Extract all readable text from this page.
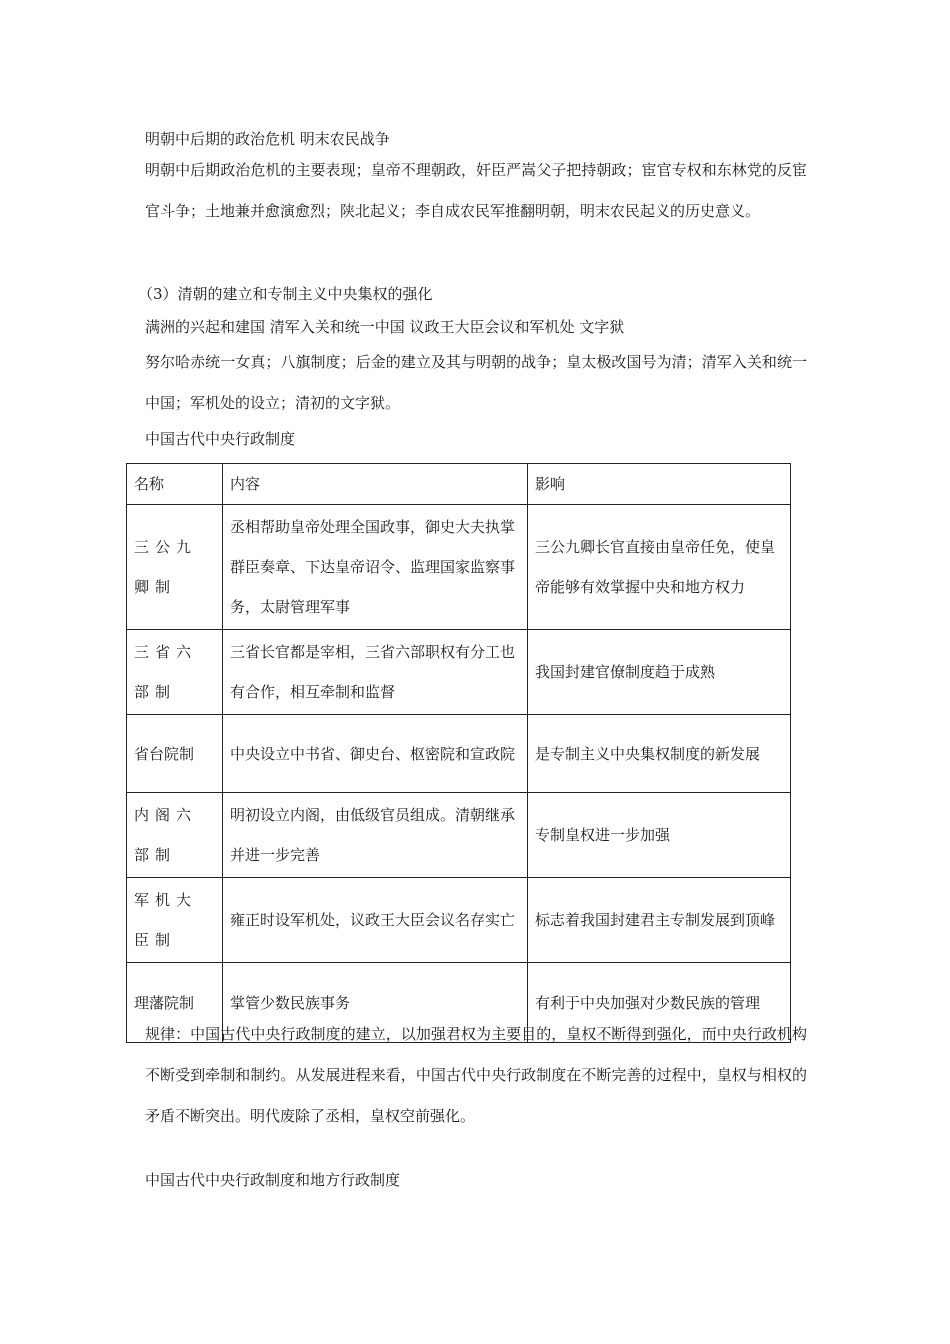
明朝中后期的政治危机 明末农民战争
明朝中后期政治危机的主要表现；皇帝不理朝政，奸臣严嵩父子把持朝政；宦官专权和东林党的反宦官斗争；土地兼并愈演愈烈；陕北起义；李自成农民军推翻明朝，明末农民起义的历史意义。
（3）清朝的建立和专制主义中央集权的强化
满洲的兴起和建国 清军入关和统一中国 议政王大臣会议和军机处 文字狱
努尔哈赤统一女真；八旗制度；后金的建立及其与明朝的战争；皇太极改国号为清；清军入关和统一中国；军机处的设立；清初的文字狱。
中国古代中央行政制度
名称	内容	影响
三公九卿制	丞相帮助皇帝处理全国政事，御史大夫执掌群臣奏章、下达皇帝诏令、监理国家监察事务，太尉管理军事	三公九卿长官直接由皇帝任免，使皇帝能够有效掌握中央和地方权力
三省六部制	三省长官都是宰相，三省六部职权有分工也有合作，相互牵制和监督	我国封建官僚制度趋于成熟
省台院制	中央设立中书省、御史台、枢密院和宣政院	是专制主义中央集权制度的新发展
内阁六部制	明初设立内阁，由低级官员组成。清朝继承并进一步完善	专制皇权进一步加强
军机大臣制	雍正时设军机处，议政王大臣会议名存实亡	标志着我国封建君主专制发展到顶峰
理藩院制	掌管少数民族事务	有利于中央加强对少数民族的管理
规律：中国古代中央行政制度的建立，以加强君权为主要目的，皇权不断得到强化，而中央行政机构不断受到牵制和制约。从发展进程来看，中国古代中央行政制度在不断完善的过程中，皇权与相权的矛盾不断突出。明代废除了丞相，皇权空前强化。
中国古代中央行政制度和地方行政制度
